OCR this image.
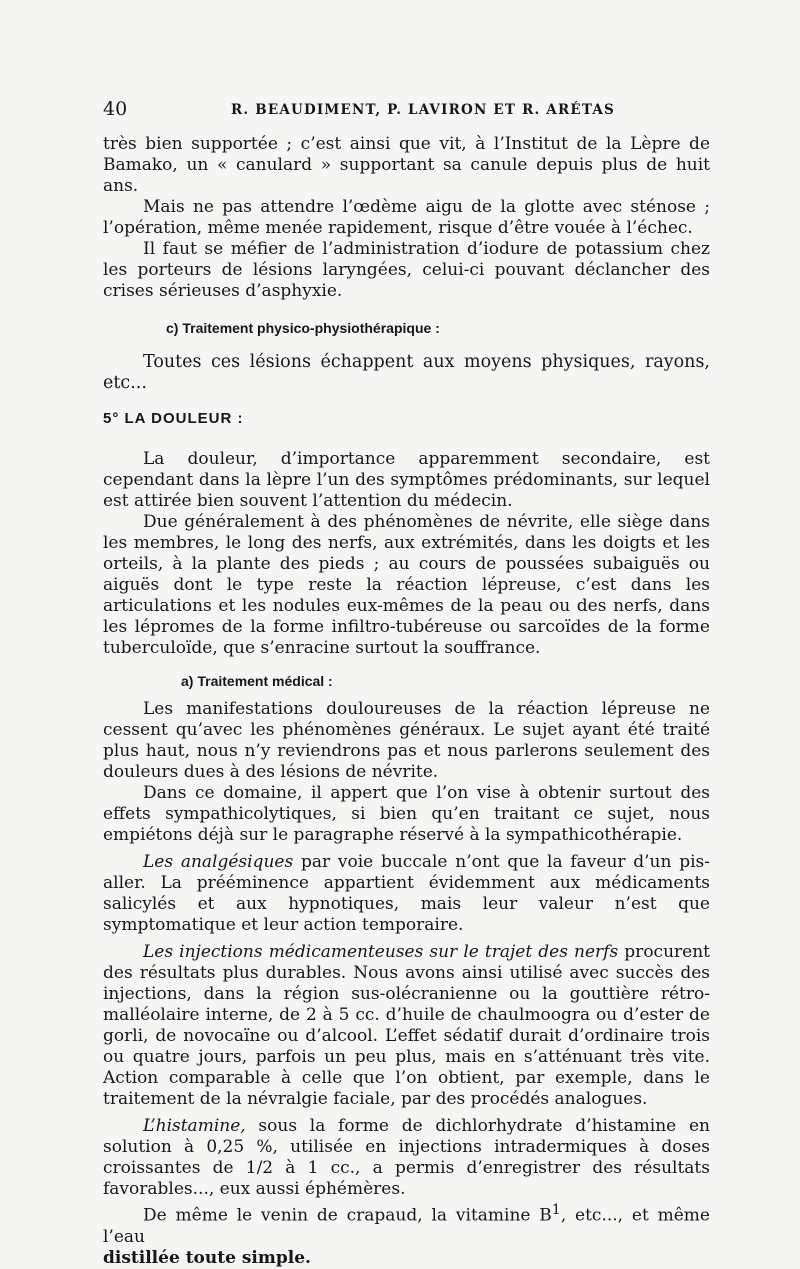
40	R. BEAUDIMENT, P. LAVIRON ET R. ARÉTAS

très bien supportée ; c’est ainsi que vit, à l’Institut de la Lèpre de Bamako, un « canulard » supportant sa canule depuis plus de huit ans.

Mais ne pas attendre l’œdème aigu de la glotte avec sténose ; l’opération, même menée rapidement, risque d’être vouée à l’échec.

Il faut se méfier de l’administration d’iodure de potassium chez les porteurs de lésions laryngées, celui-ci pouvant déclancher des crises sérieuses d’asphyxie.

c) Traitement physico-physiothérapique :

Toutes ces lésions échappent aux moyens physiques, rayons, etc...

5° LA DOULEUR :

La douleur, d’importance apparemment secondaire, est cependant dans la lèpre l’un des symptômes prédominants, sur lequel est attirée bien souvent l’attention du médecin.

Due généralement à des phénomènes de névrite, elle siège dans les membres, le long des nerfs, aux extrémités, dans les doigts et les orteils, à la plante des pieds ; au cours de poussées subaiguës ou aiguës dont le type reste la réaction lépreuse, c’est dans les articulations et les nodules eux-mêmes de la peau ou des nerfs, dans les lépromes de la forme infiltro-tubéreuse ou sarcoïdes de la forme tuberculoïde, que s’enracine surtout la souffrance.

a) Traitement médical :

Les manifestations douloureuses de la réaction lépreuse ne cessent qu’avec les phénomènes généraux. Le sujet ayant été traité plus haut, nous n’y reviendrons pas et nous parlerons seulement des douleurs dues à des lésions de névrite.

Dans ce domaine, il appert que l’on vise à obtenir surtout des effets sympathicolytiques, si bien qu’en traitant ce sujet, nous empiétons déjà sur le paragraphe réservé à la sympathicothérapie.

Les analgésiques par voie buccale n’ont que la faveur d’un pis-aller. La prééminence appartient évidemment aux médicaments salicylés et aux hypnotiques, mais leur valeur n’est que symptomatique et leur action temporaire.

Les injections médicamenteuses sur le trajet des nerfs procurent des résultats plus durables. Nous avons ainsi utilisé avec succès des injections, dans la région sus-olécranienne ou la gouttière rétro-malléolaire interne, de 2 à 5 cc. d’huile de chaulmoogra ou d’ester de gorli, de novocaïne ou d’alcool. L’effet sédatif durait d’ordinaire trois ou quatre jours, parfois un peu plus, mais en s’atténuant très vite. Action comparable à celle que l’on obtient, par exemple, dans le traitement de la névralgie faciale, par des procédés analogues.

L’histamine, sous la forme de dichlorhydrate d’histamine en solution à 0,25 %, utilisée en injections intradermiques à doses croissantes de 1/2 à 1 cc., a permis d’enregistrer des résultats favorables..., eux aussi éphémères.

De même le venin de crapaud, la vitamine $B^1$, etc..., et même l’eau
distillée toute simple.
